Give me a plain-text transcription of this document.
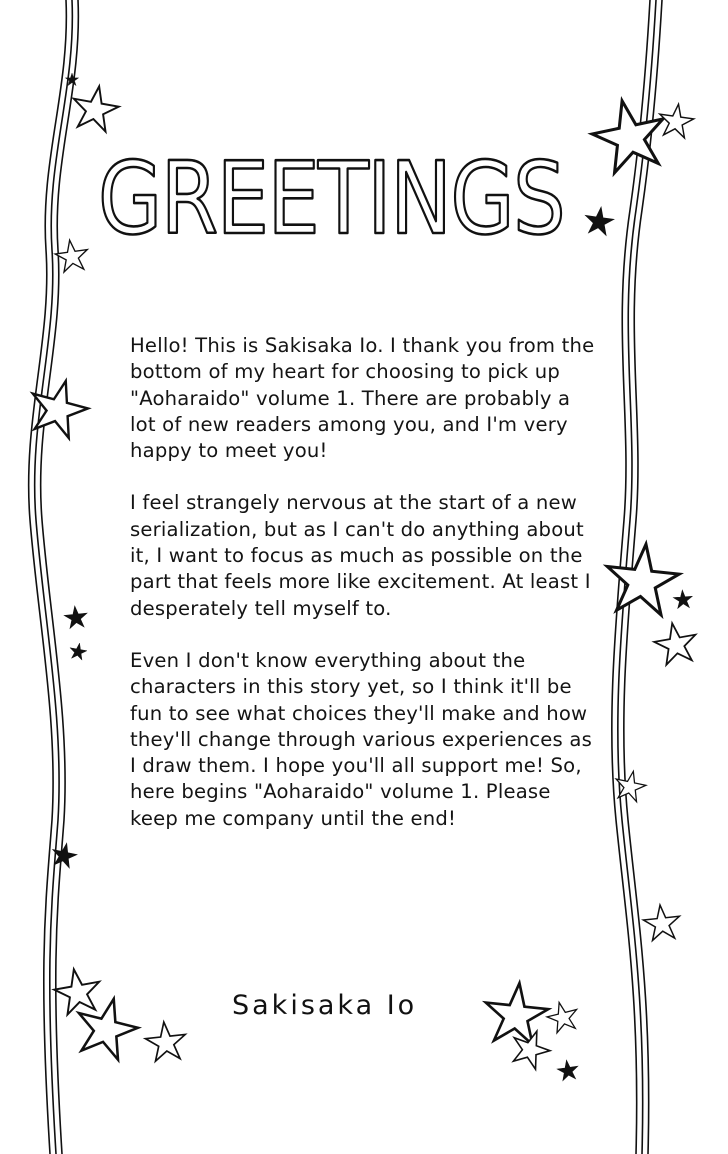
GREETINGS

Hello! This is Sakisaka Io. I thank you from the bottom of my heart for choosing to pick up "Aoharaido" volume 1. There are probably a lot of new readers among you, and I'm very happy to meet you!

I feel strangely nervous at the start of a new serialization, but as I can't do anything about it, I want to focus as much as possible on the part that feels more like excitement. At least I desperately tell myself to.

Even I don't know everything about the characters in this story yet, so I think it'll be fun to see what choices they'll make and how they'll change through various experiences as I draw them. I hope you'll all support me! So, here begins "Aoharaido" volume 1. Please keep me company until the end!

Sakisaka Io
